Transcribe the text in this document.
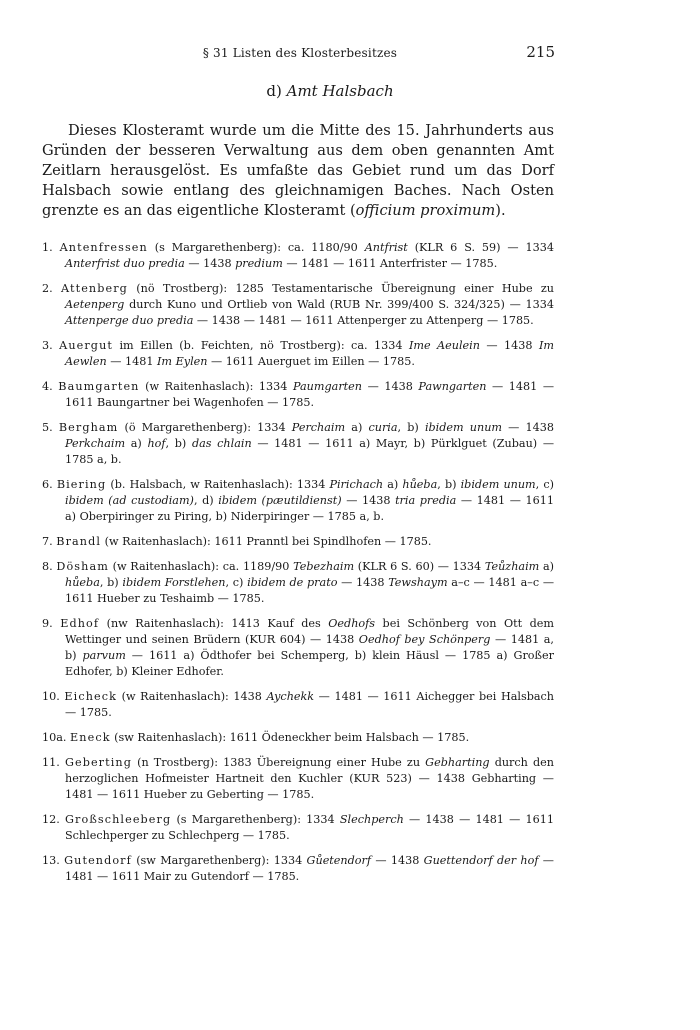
§ 31 Listen des Klosterbesitzes	215
d) Amt Halsbach

Dieses Klosteramt wurde um die Mitte des 15. Jahrhunderts aus Gründen der besseren Verwaltung aus dem oben genannten Amt Zeitlarn herausgelöst. Es umfaßte das Gebiet rund um das Dorf Halsbach sowie entlang des gleichnamigen Baches. Nach Osten grenzte es an das eigentliche Klosteramt (officium proximum).

1. Antenfressen (s Margarethenberg): ca. 1180/90 Antfrist (KLR 6 S. 59) — 1334 Anterfrist duo predia — 1438 predium — 1481 — 1611 Anterfrister — 1785.

2. Attenberg (nö Trostberg): 1285 Testamentarische Übereignung einer Hube zu Aetenperg durch Kuno und Ortlieb von Wald (RUB Nr. 399/400 S. 324/325) — 1334 Attenperge duo predia — 1438 — 1481 — 1611 Attenperger zu Attenperg — 1785.

3. Auergut im Eillen (b. Feichten, nö Trostberg): ca. 1334 Ime Aeulein — 1438 Im Aewlen — 1481 Im Eylen — 1611 Auerguet im Eillen — 1785.

4. Baumgarten (w Raitenhaslach): 1334 Paumgarten — 1438 Pawngarten — 1481 — 1611 Baungartner bei Wagenhofen — 1785.

5. Bergham (ö Margarethenberg): 1334 Perchaim a) curia, b) ibidem unum — 1438 Perkchaim a) hof, b) das chlain — 1481 — 1611 a) Mayr, b) Pürklguet (Zubau) — 1785 a, b.

6. Biering (b. Halsbach, w Raitenhaslach): 1334 Pirichach a) hůeba, b) ibidem unum, c) ibidem (ad custodiam), d) ibidem (pæutildienst) — 1438 tria predia — 1481 — 1611 a) Oberpiringer zu Piring, b) Niderpiringer — 1785 a, b.

7. Brandl (w Raitenhaslach): 1611 Pranntl bei Spindlhofen — 1785.

8. Dösham (w Raitenhaslach): ca. 1189/90 Tebezhaim (KLR 6 S. 60) — 1334 Teůzhaim a) hůeba, b) ibidem Forstlehen, c) ibidem de prato — 1438 Tewshaym a–c — 1481 a–c — 1611 Hueber zu Teshaimb — 1785.

9. Edhof (nw Raitenhaslach): 1413 Kauf des Oedhofs bei Schönberg von Ott dem Wettinger und seinen Brüdern (KUR 604) — 1438 Oedhof bey Schönperg — 1481 a, b) parvum — 1611 a) Ödthofer bei Schemperg, b) klein Häusl — 1785 a) Großer Edhofer, b) Kleiner Edhofer.

10. Eicheck (w Raitenhaslach): 1438 Aychekk — 1481 — 1611 Aichegger bei Halsbach — 1785.

10a. Eneck (sw Raitenhaslach): 1611 Ödeneckher beim Halsbach — 1785.

11. Geberting (n Trostberg): 1383 Übereignung einer Hube zu Gebharting durch den herzoglichen Hofmeister Hartneit den Kuchler (KUR 523) — 1438 Gebharting — 1481 — 1611 Hueber zu Geberting — 1785.

12. Großschleeberg (s Margarethenberg): 1334 Slechperch — 1438 — 1481 — 1611 Schlechperger zu Schlechperg — 1785.

13. Gutendorf (sw Margarethenberg): 1334 Gůetendorf — 1438 Guettendorf der hof — 1481 — 1611 Mair zu Gutendorf — 1785.
